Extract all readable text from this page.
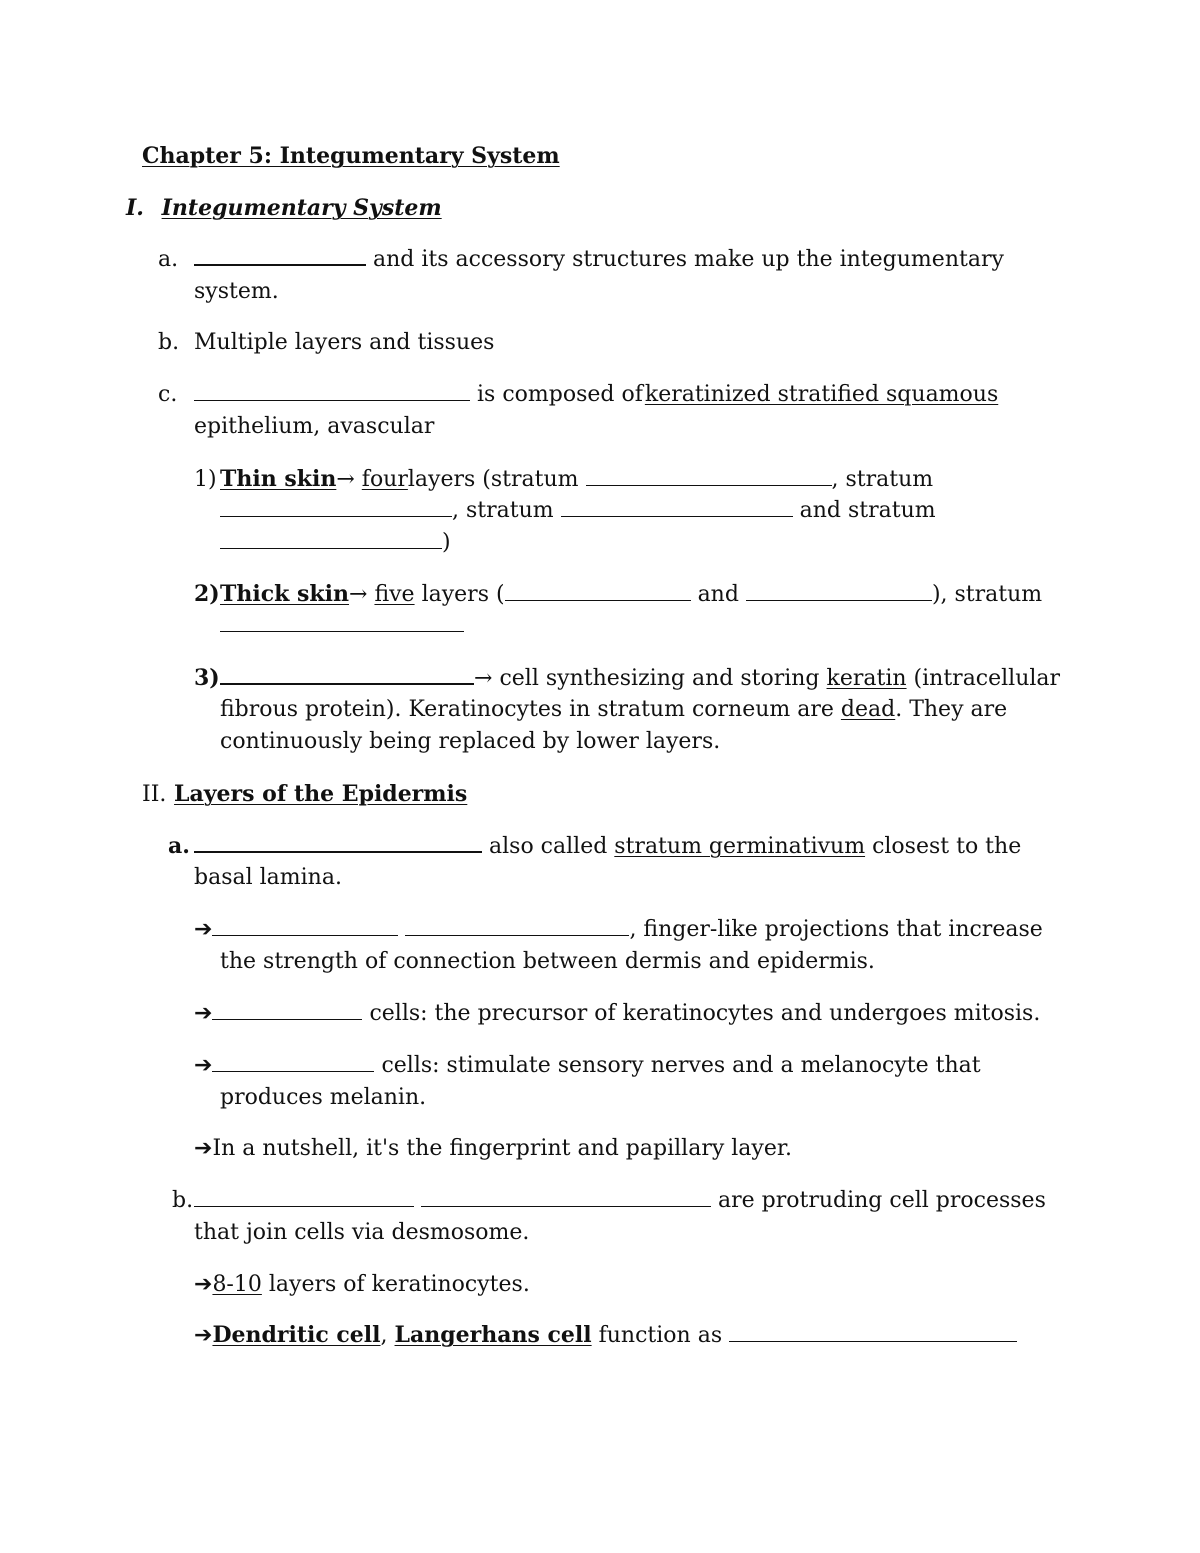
Chapter 5: Integumentary System
I. Integumentary System
a.	and its accessory structures make up the integumentary
system.
b. Multiple layers and tissues
c.	is composed ofkeratinized stratified squamous
epithelium, avascular
1) Thin skin→ fourlayers (stratum	, stratum
, stratum	and stratum
)
2)Thick skin→ five layers (	and	), stratum
3)	→ cell synthesizing and storing keratin (intracellular
fibrous protein). Keratinocytes in stratum corneum are dead. They are
continuously being replaced by lower layers.
II. Layers of the Epidermis
a.	also called stratum germinativum closest to the
basal lamina.
➔	, finger-like projections that increase
the strength of connection between dermis and epidermis.
➔	cells: the precursor of keratinocytes and undergoes mitosis.
➔	cells: stimulate sensory nerves and a melanocyte that
produces melanin.
➔In a nutshell, it's the fingerprint and papillary layer.
b.	are protruding cell processes
that join cells via desmosome.
➔8-10 layers of keratinocytes.
➔Dendritic cell, Langerhans cell function as
